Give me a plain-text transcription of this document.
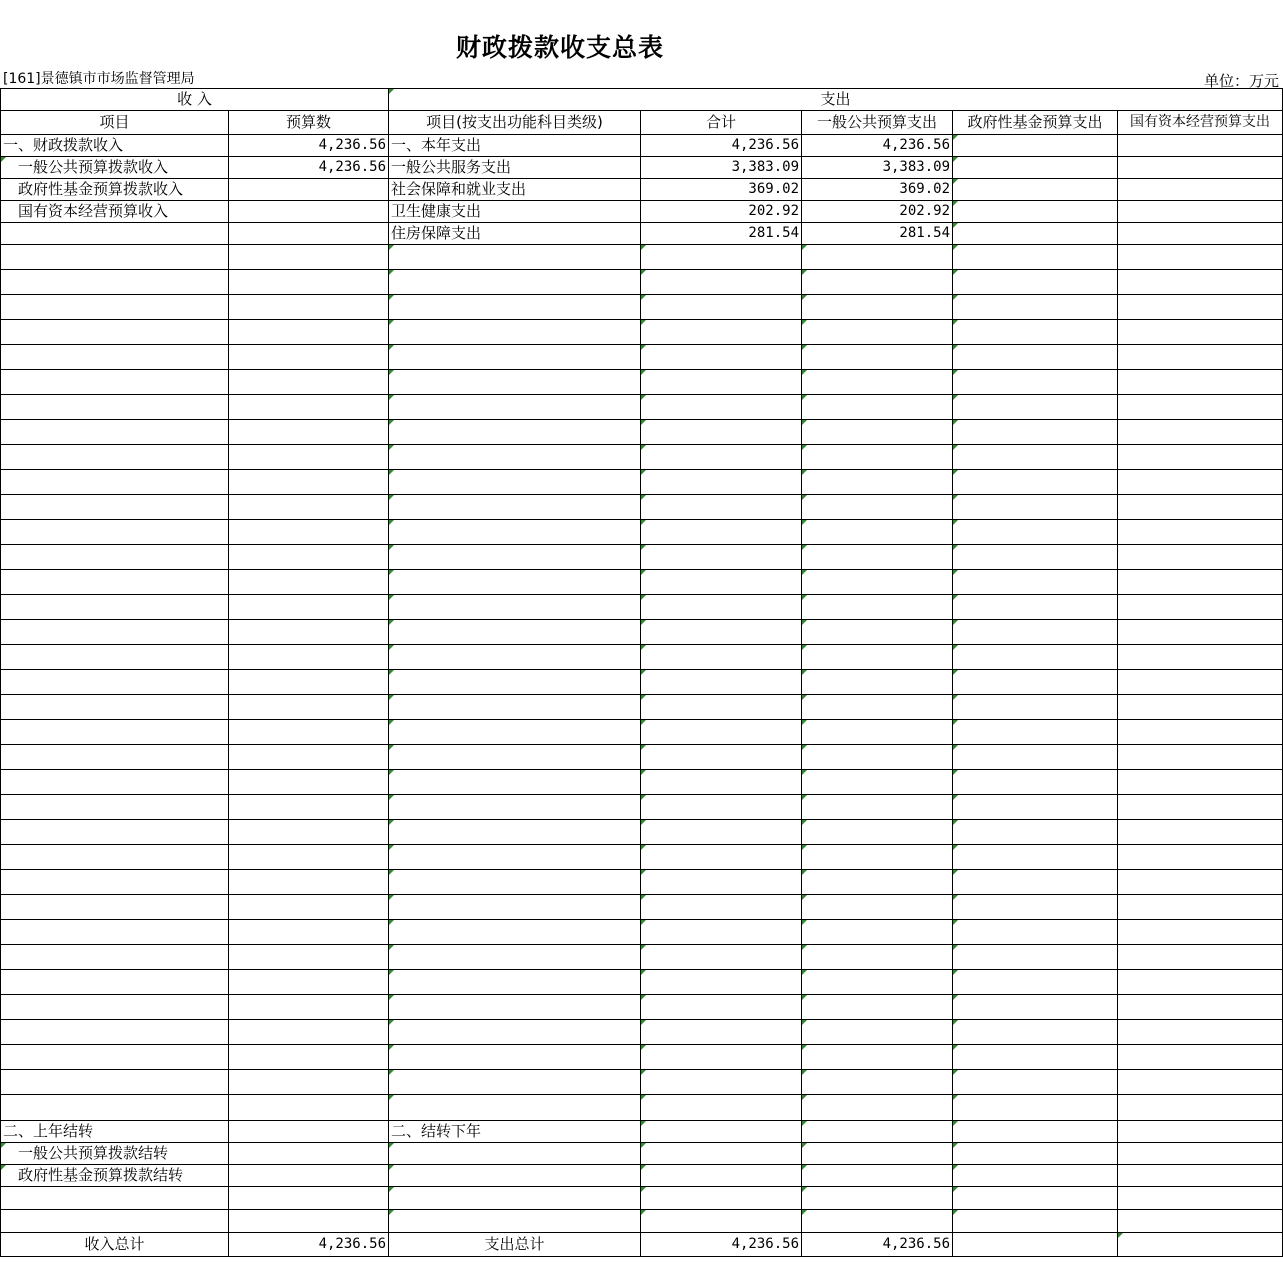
财政拨款收支总表
[161]景德镇市市场监督管理局	单位：万元
收 入		支出				
项目	预算数	项目(按支出功能科目类级)	合计	一般公共预算支出	政府性基金预算支出	国有资本经营预算支出
一、财政拨款收入	4,236.56	一、本年支出	4,236.56	4,236.56		
一般公共预算拨款收入	4,236.56	一般公共服务支出	3,383.09	3,383.09		
政府性基金预算拨款收入		社会保障和就业支出	369.02	369.02		
国有资本经营预算收入		卫生健康支出	202.92	202.92		
		住房保障支出	281.54	281.54		

二、上年结转		二、结转下年				
一般公共预算拨款结转						
政府性基金预算拨款结转						

收入总计	4,236.56	支出总计	4,236.56	4,236.56		
